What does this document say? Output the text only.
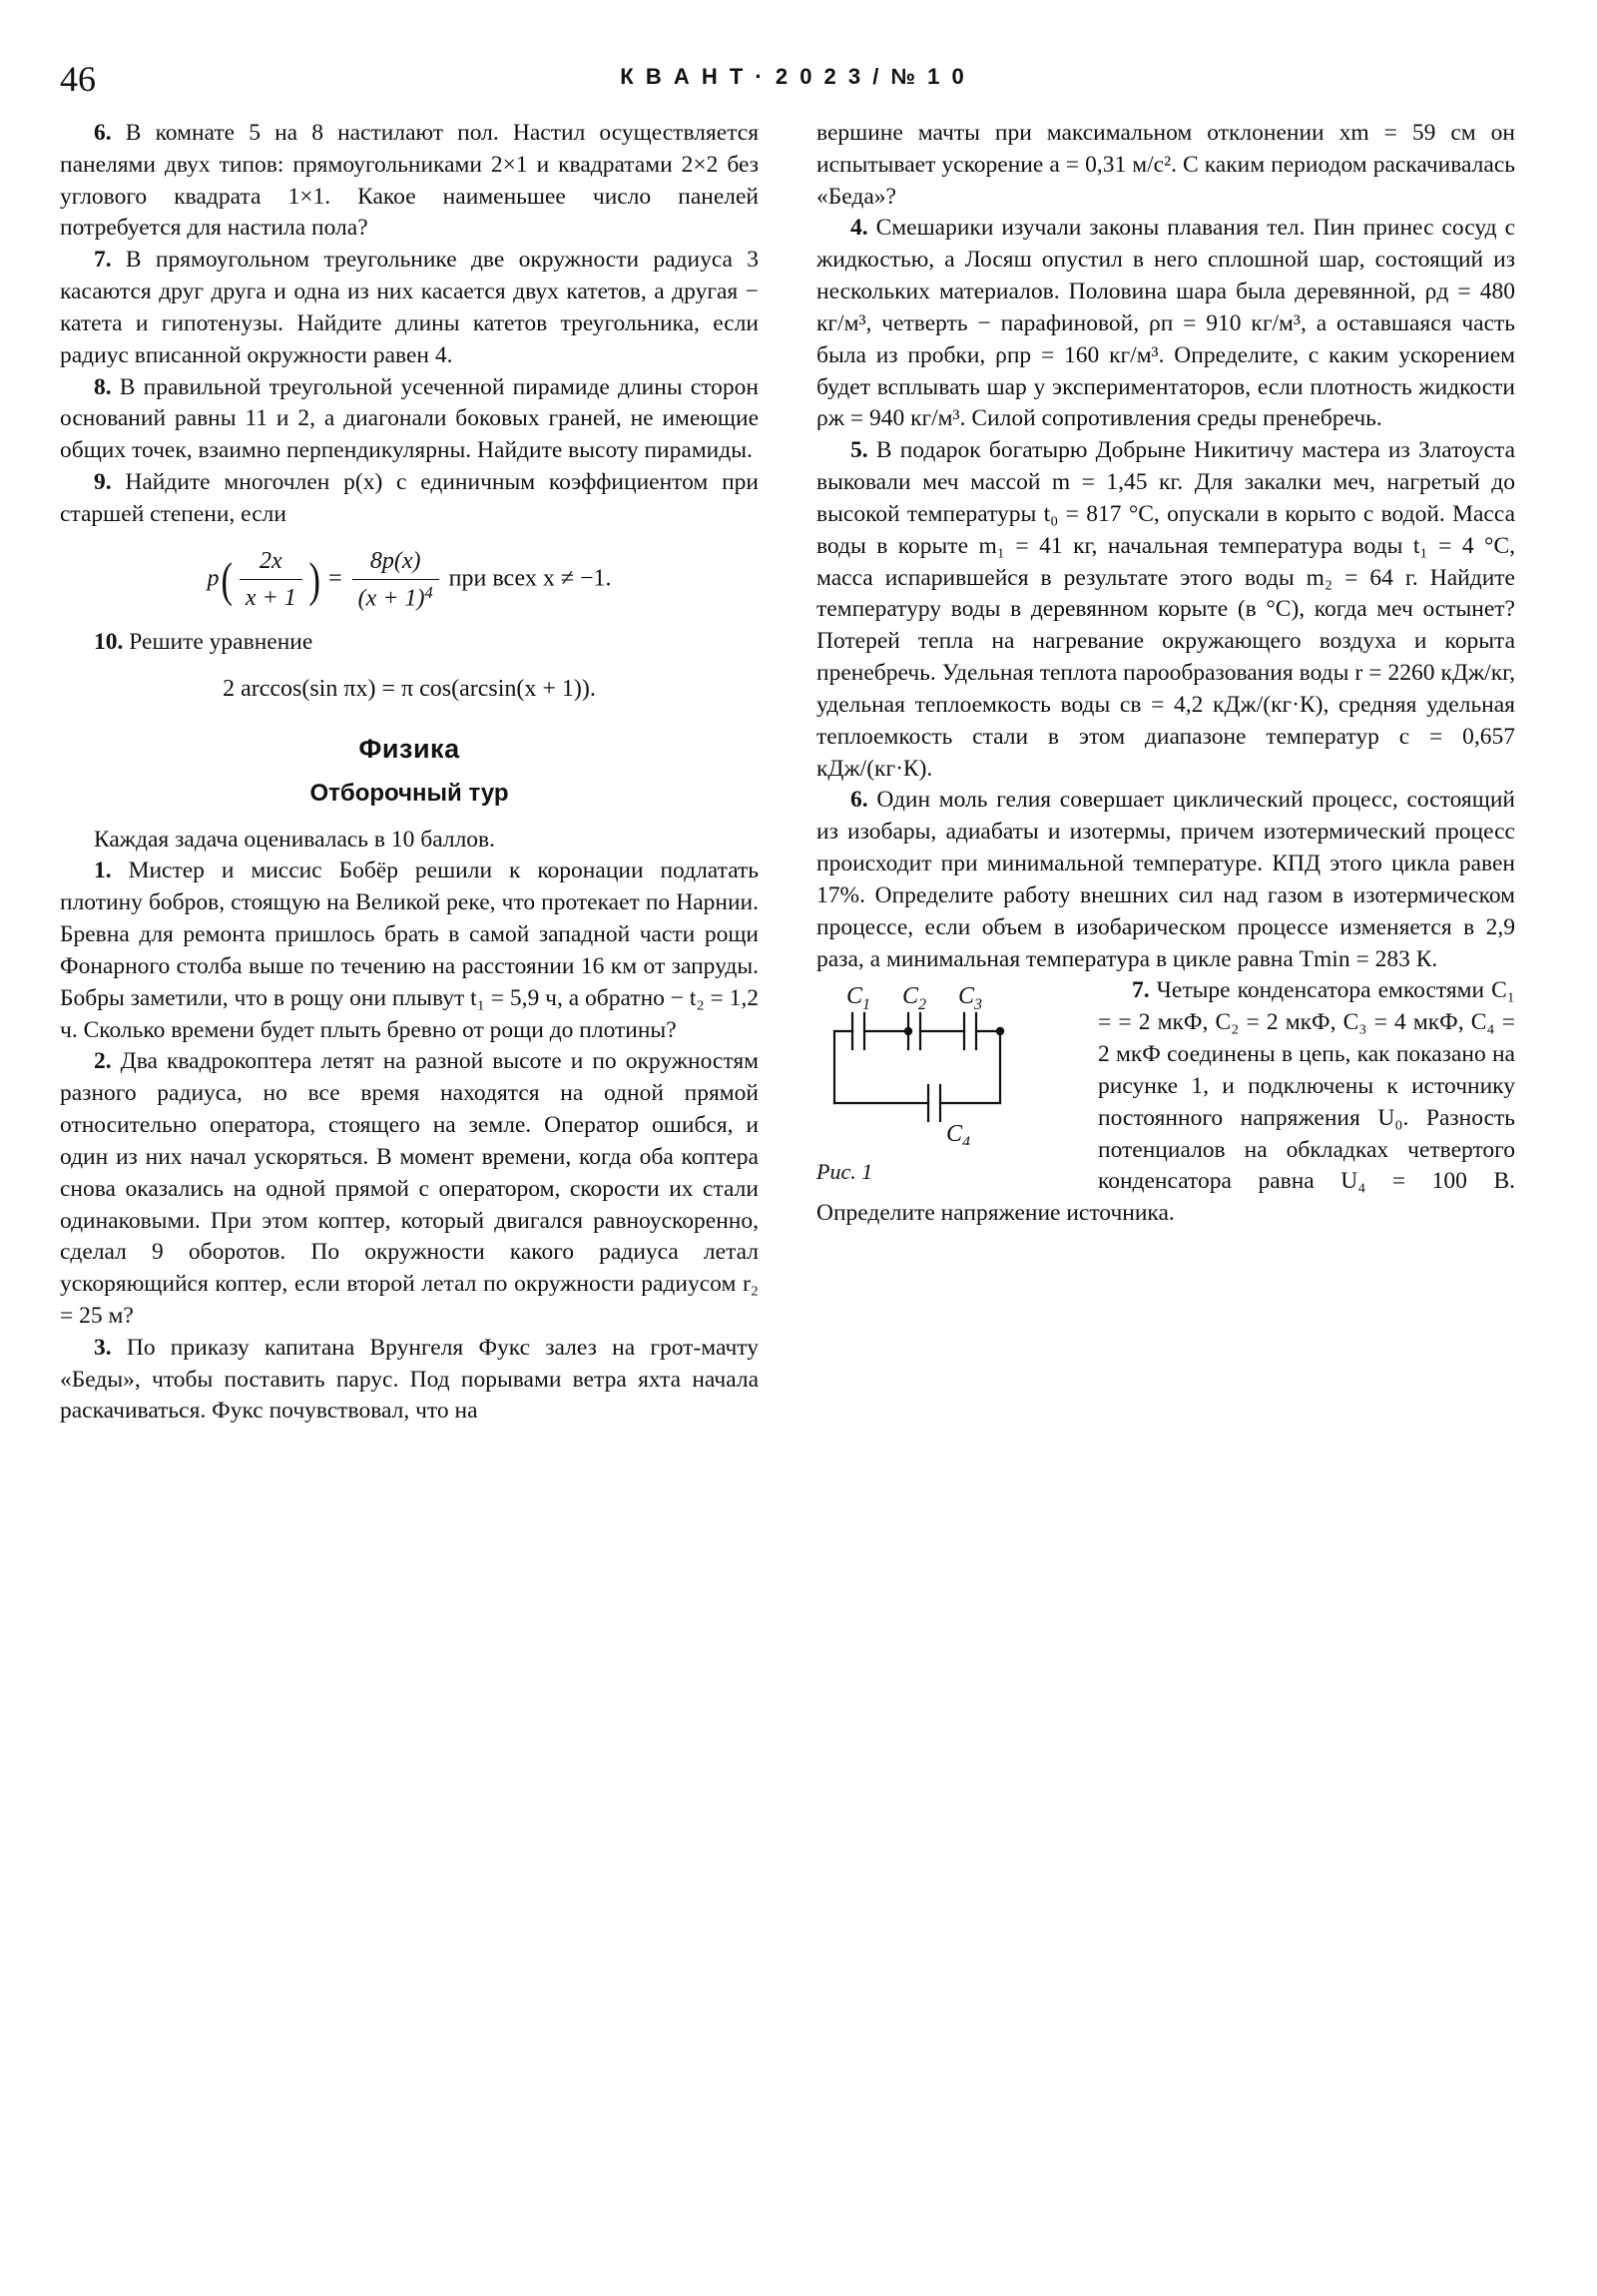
46	К В А Н Т · 2 0 2 3 / № 1 0

6. В комнате 5 на 8 настилают пол. Настил осуществляется панелями двух типов: прямоугольниками 2×1 и квадратами 2×2 без углового квадрата 1×1. Какое наименьшее число панелей потребуется для настила пола?

7. В прямоугольном треугольнике две окружности радиуса 3 касаются друг друга и одна из них касается двух катетов, а другая − катета и гипотенузы. Найдите длины катетов треугольника, если радиус вписанной окружности равен 4.

8. В правильной треугольной усеченной пирамиде длины сторон оснований равны 11 и 2, а диагонали боковых граней, не имеющие общих точек, взаимно перпендикулярны. Найдите высоту пирамиды.

9. Найдите многочлен p(x) с единичным коэффициентом при старшей степени, если

$p( \frac{2x}{x + 1}$ ) = $\frac{8p(x)}{(x + 1)^4}$ при всех x ≠ −1.

10. Решите уравнение

2 arccos(sin πx) = π cos(arcsin(x + 1)).
Физика
Отборочный тур

Каждая задача оценивалась в 10 баллов.

1. Мистер и миссис Бобёр решили к коронации подлатать плотину бобров, стоящую на Великой реке, что протекает по Нарнии. Бревна для ремонта пришлось брать в самой западной части рощи Фонарного столба выше по течению на расстоянии 16 км от запруды. Бобры заметили, что в рощу они плывут t₁ = 5,9 ч, а обратно − t₂ = 1,2 ч. Сколько времени будет плыть бревно от рощи до плотины?

2. Два квадрокоптера летят на разной высоте и по окружностям разного радиуса, но все время находятся на одной прямой относительно оператора, стоящего на земле. Оператор ошибся, и один из них начал ускоряться. В момент времени, когда оба коптера снова оказались на одной прямой с оператором, скорости их стали одинаковыми. При этом коптер, который двигался равноускоренно, сделал 9 оборотов. По окружности какого радиуса летал ускоряющийся коптер, если второй летал по окружности радиусом r₂ = 25 м?

3. По приказу капитана Врунгеля Фукс залез на грот-мачту «Беды», чтобы поставить парус. Под порывами ветра яхта начала раскачиваться. Фукс почувствовал, что на

вершине мачты при максимальном отклонении xm = 59 см он испытывает ускорение a = 0,31 м/с². С каким периодом раскачивалась «Беда»?

4. Смешарики изучали законы плавания тел. Пин принес сосуд с жидкостью, а Лосяш опустил в него сплошной шар, состоящий из нескольких материалов. Половина шара была деревянной, ρд = 480 кг/м³, четверть − парафиновой, ρп = 910 кг/м³, а оставшаяся часть была из пробки, ρпр = 160 кг/м³. Определите, с каким ускорением будет всплывать шар у экспериментаторов, если плотность жидкости ρж = 940 кг/м³. Силой сопротивления среды пренебречь.

5. В подарок богатырю Добрыне Никитичу мастера из Златоуста выковали меч массой m = 1,45 кг. Для закалки меч, нагретый до высокой температуры t₀ = 817 °С, опускали в корыто с водой. Масса воды в корыте m₁ = 41 кг, начальная температура воды t₁ = 4 °С, масса испарившейся в результате этого воды m₂ = 64 г. Найдите температуру воды в деревянном корыте (в °С), когда меч остынет? Потерей тепла на нагревание окружающего воздуха и корыта пренебречь. Удельная теплота парообразования воды r = 2260 кДж/кг, удельная теплоемкость воды cв = 4,2 кДж/(кг·К), средняя удельная теплоемкость стали в этом диапазоне температур c = 0,657 кДж/(кг·К).

6. Один моль гелия совершает циклический процесс, состоящий из изобары, адиабаты и изотермы, причем изотермический процесс происходит при минимальной температуре. КПД этого цикла равен 17%. Определите работу внешних сил над газом в изотермическом процессе, если объем в изобарическом процессе изменяется в 2,9 раза, а минимальная температура в цикле равна Tmin = 283 К.

$C_1$ $C_2$ $C_3$
$C_4$
Рис. 1

7. Четыре конденсатора емкостями C₁ = = 2 мкФ, C₂ = 2 мкФ, C₃ = 4 мкФ, C₄ = 2 мкФ соединены в цепь, как показано на рисунке 1, и подключены к источнику постоянного напряжения U₀. Разность потенциалов на обкладках четвертого конденсатора равна U₄ = 100 В. Определите напряжение источника.
